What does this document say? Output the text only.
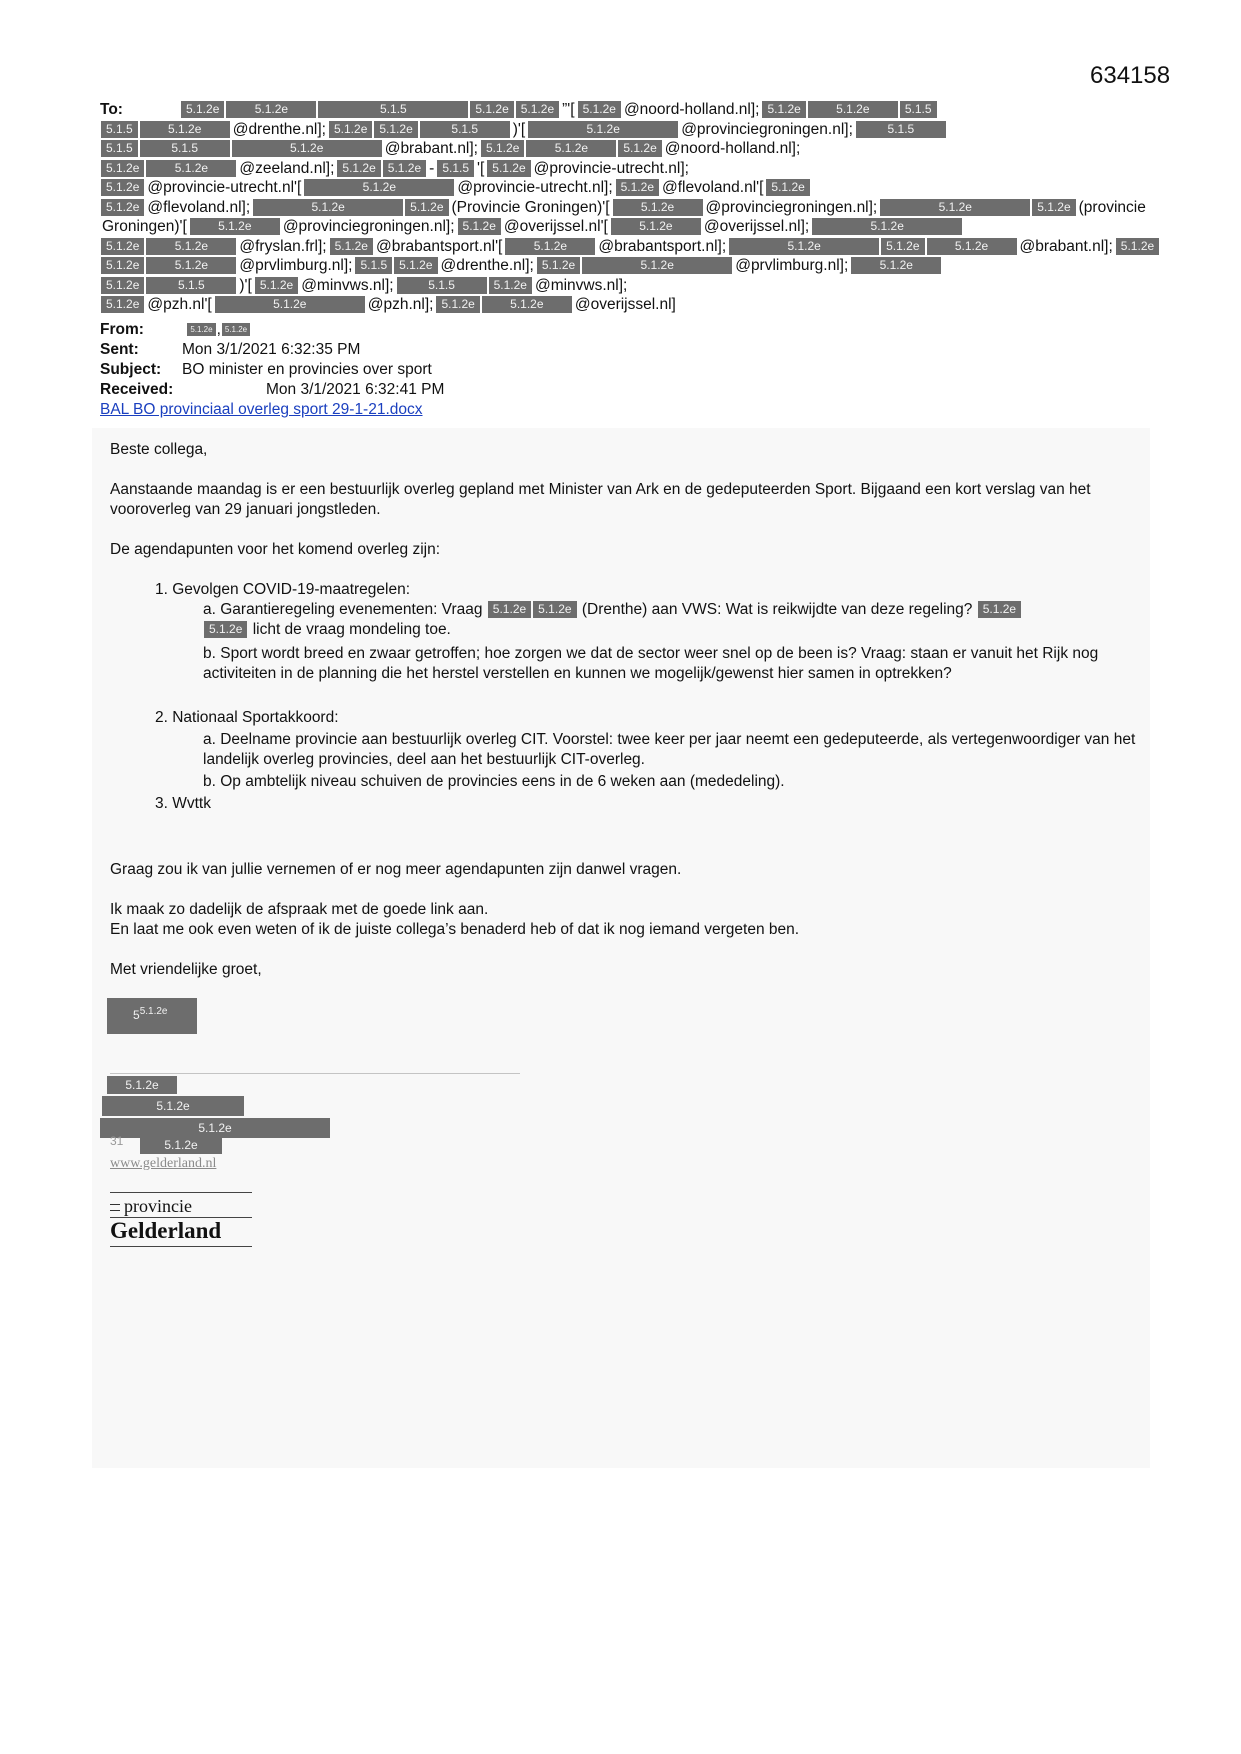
634158
To:	5.1.2e	5.1.2e	5.1.5	5.1.2e 5.1.2e ”'[ 5.1.2e @noord-holland.nl]; 5.1.2e	5.1.2e	5.1.5
5.1.5	5.1.2e @drenthe.nl]; 5.1.2e 5.1.2e	5.1.5 )'[	5.1.2e	@provinciegroningen.nl];	5.1.5
5.1.5	5.1.5	5.1.2e	@brabant.nl]; 5.1.2e	5.1.2e	5.1.2e @noord-holland.nl];
5.1.2e	5.1.2e @zeeland.nl]; 5.1.2e 5.1.2e - 5.1.5 '[ 5.1.2e @provincie-utrecht.nl];
5.1.2e @provincie-utrecht.nl'[	5.1.2e	@provincie-utrecht.nl]; 5.1.2e @flevoland.nl'[ 5.1.2e
5.1.2e @flevoland.nl];	5.1.2e	5.1.2e (Provincie Groningen)'[	5.1.2e @provinciegroningen.nl];	5.1.2e	5.1.2e (provincie
Groningen)'[	5.1.2e @provinciegroningen.nl]; 5.1.2e @overijssel.nl'[	5.1.2e @overijssel.nl];	5.1.2e
5.1.2e	5.1.2e @fryslan.frl]; 5.1.2e @brabantsport.nl'[	5.1.2e @brabantsport.nl];	5.1.2e	5.1.2e	5.1.2e @brabant.nl]; 5.1.2e
5.1.2e	5.1.2e @prvlimburg.nl]; 5.1.5 5.1.2e @drenthe.nl]; 5.1.2e	5.1.2e	@prvlimburg.nl];	5.1.2e
5.1.2e	5.1.5 )'[ 5.1.2e @minvws.nl];	5.1.5	5.1.2e @minvws.nl];
5.1.2e @pzh.nl'[	5.1.2e	@pzh.nl]; 5.1.2e	5.1.2e @overijssel.nl]
From:	5.1.2e , 5.1.2e
Sent:	Mon 3/1/2021 6:32:35 PM
Subject: BO minister en provincies over sport
Received:	Mon 3/1/2021 6:32:41 PM
BAL BO provinciaal overleg sport 29-1-21.docx
Beste collega,
Aanstaande maandag is er een bestuurlijk overleg gepland met Minister van Ark en de gedeputeerden Sport. Bijgaand een kort verslag van het vooroverleg van 29 januari jongstleden.
De agendapunten voor het komend overleg zijn:
1. Gevolgen COVID-19-maatregelen:
a. Garantieregeling evenementen: Vraag 5.1.2e 5.1.2e (Drenthe) aan VWS: Wat is reikwijdte van deze regeling? 5.1.2e
5.1.2e licht de vraag mondeling toe.
b. Sport wordt breed en zwaar getroffen; hoe zorgen we dat de sector weer snel op de been is? Vraag: staan er vanuit het Rijk nog activiteiten in de planning die het herstel verstellen en kunnen we mogelijk/gewenst hier samen in optrekken?
2. Nationaal Sportakkoord:
a. Deelname provincie aan bestuurlijk overleg CIT. Voorstel: twee keer per jaar neemt een gedeputeerde, als vertegenwoordiger van het landelijk overleg provincies, deel aan het bestuurlijk CIT-overleg.
b. Op ambtelijk niveau schuiven de provincies eens in de 6 weken aan (mededeling).
3. Wvttk
Graag zou ik van jullie vernemen of er nog meer agendapunten zijn danwel vragen.
Ik maak zo dadelijk de afspraak met de goede link aan.
En laat me ook even weten of ik de juiste collega’s benaderd heb of dat ik nog iemand vergeten ben.
Met vriendelijke groet,
$5^{5.1.2e}$
5.1.2e
5.1.2e
5.1.2e
31	5.1.2e
www.gelderland.nl
provincie
Gelderland
